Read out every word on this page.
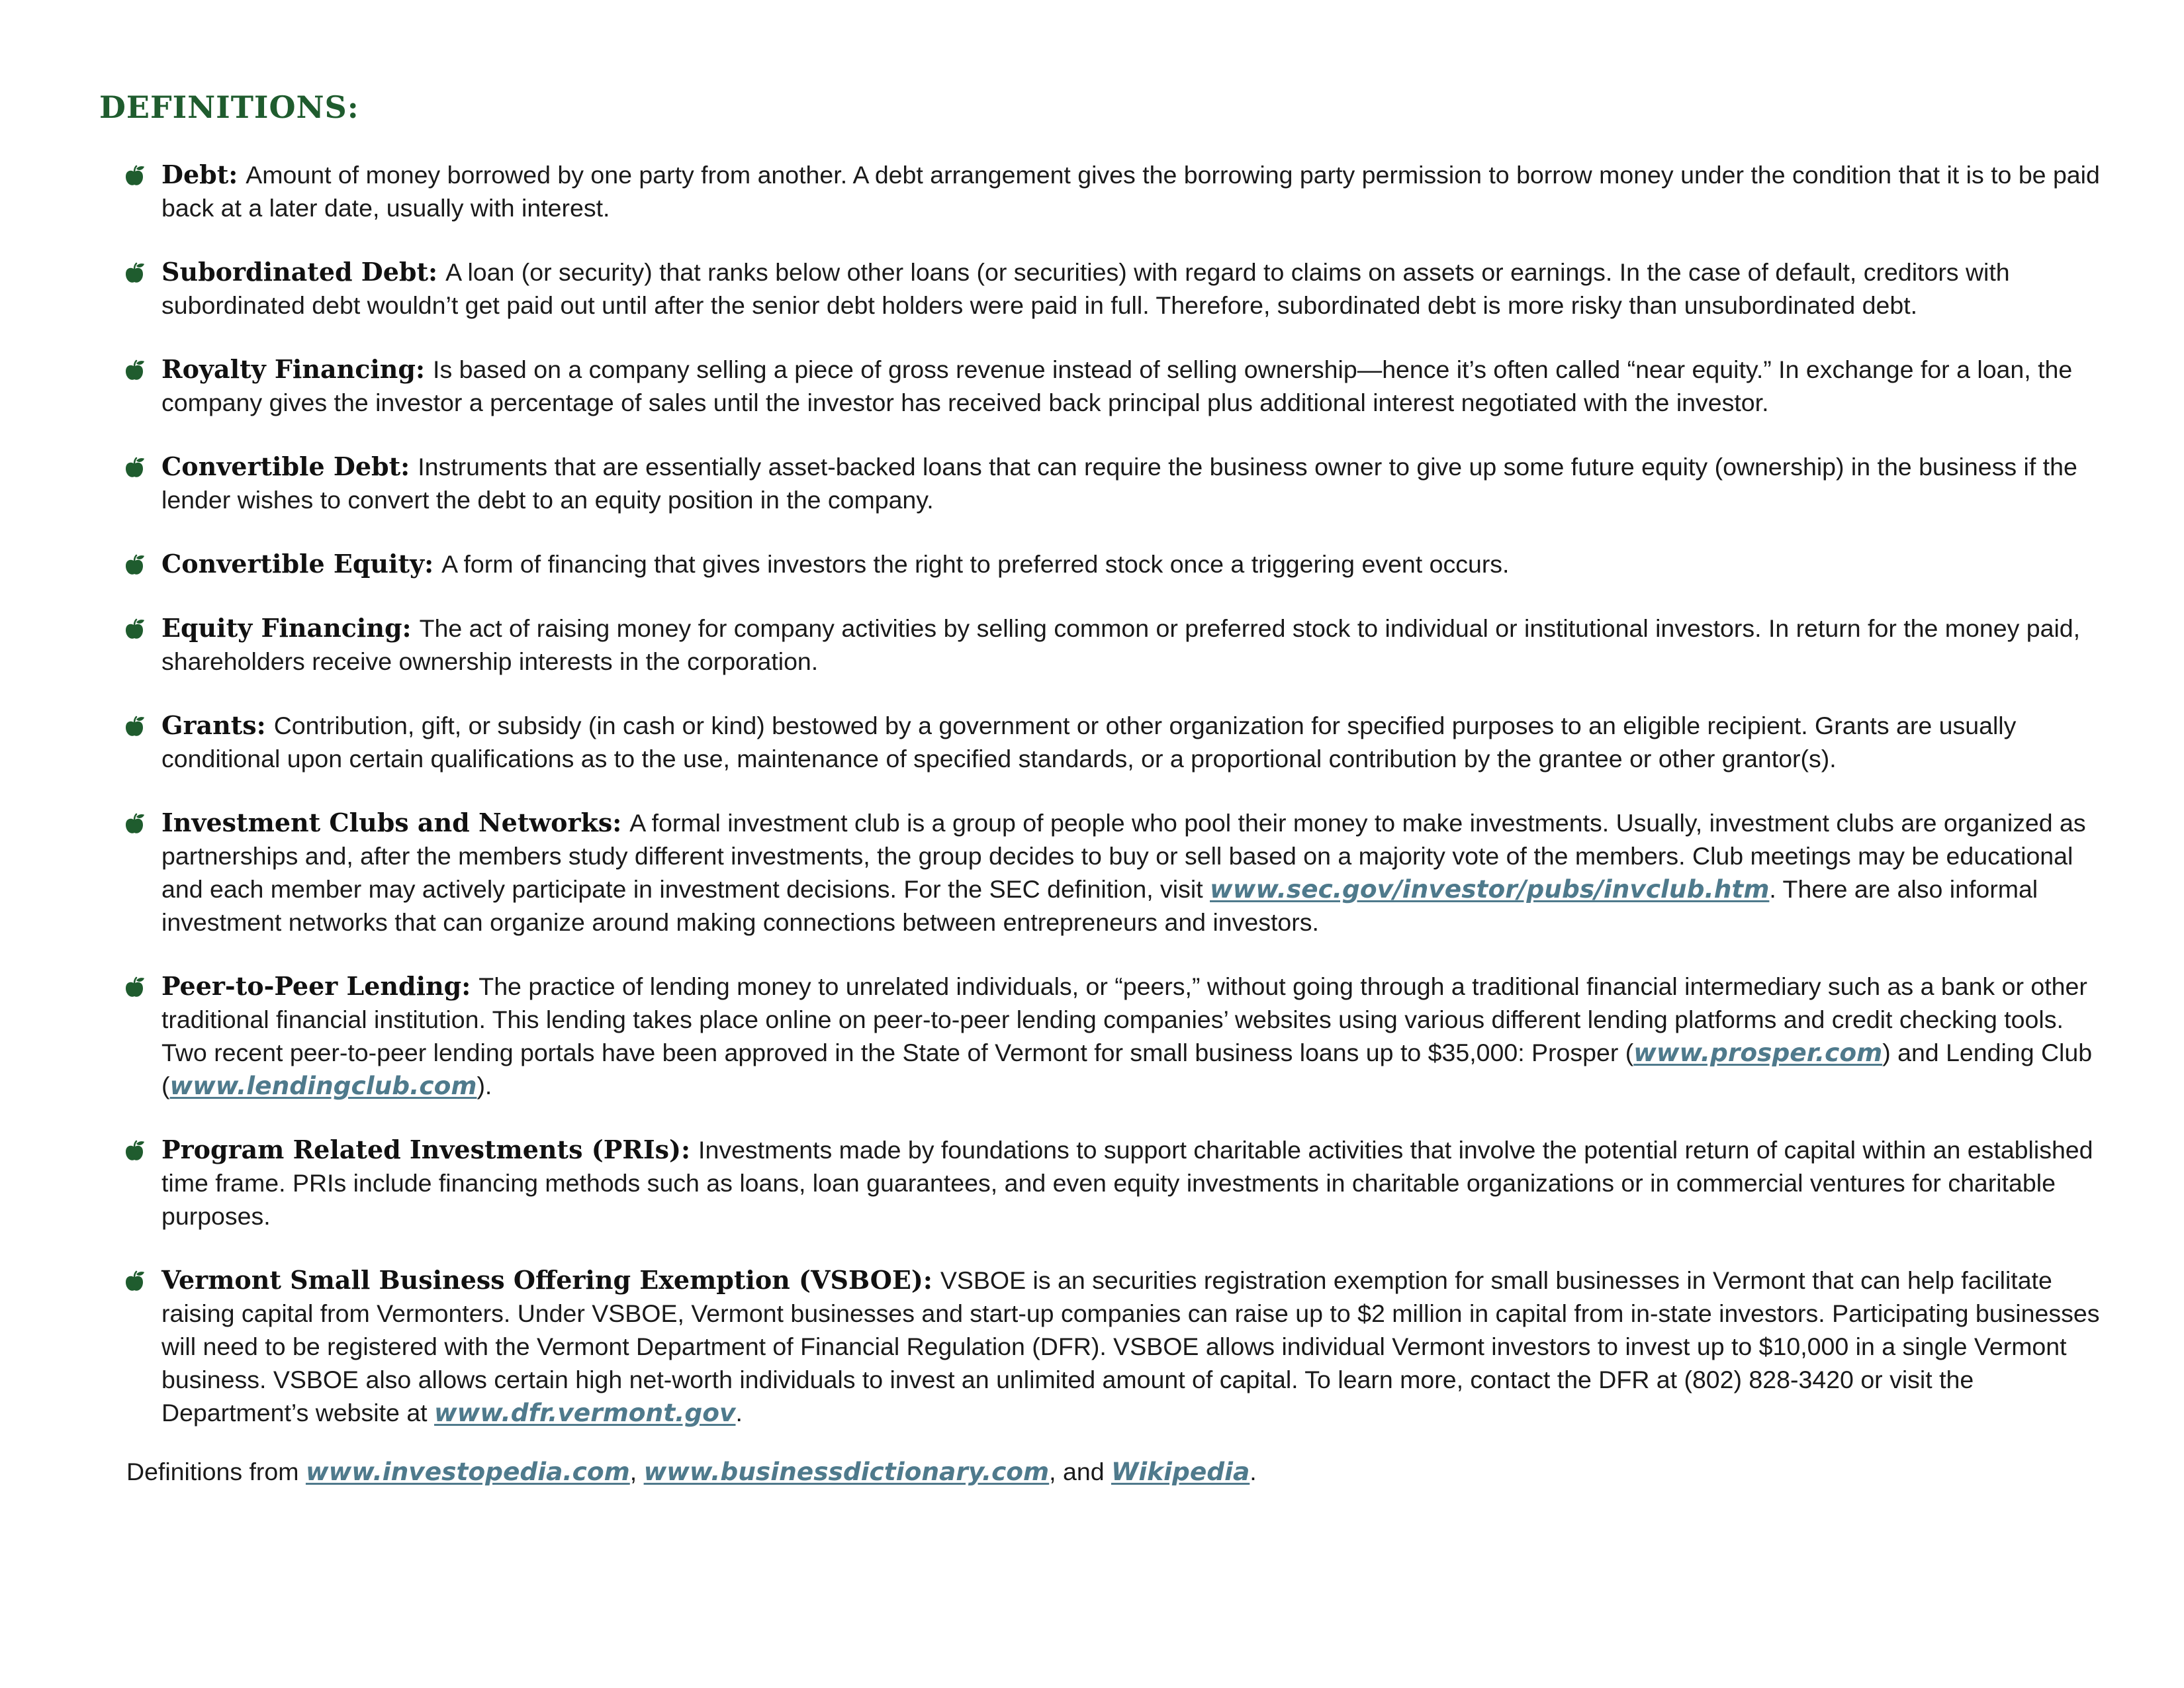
DEFINITIONS:
Debt: Amount of money borrowed by one party from another. A debt arrangement gives the borrowing party permission to borrow money under the condition that it is to be paid back at a later date, usually with interest.
Subordinated Debt: A loan (or security) that ranks below other loans (or securities) with regard to claims on assets or earnings. In the case of default, creditors with subordinated debt wouldn’t get paid out until after the senior debt holders were paid in full. Therefore, subordinated debt is more risky than unsubordinated debt.
Royalty Financing: Is based on a company selling a piece of gross revenue instead of selling ownership—hence it’s often called “near equity.” In exchange for a loan, the company gives the investor a percentage of sales until the investor has received back principal plus additional interest negotiated with the investor.
Convertible Debt: Instruments that are essentially asset-backed loans that can require the business owner to give up some future equity (ownership) in the business if the lender wishes to convert the debt to an equity position in the company.
Convertible Equity: A form of financing that gives investors the right to preferred stock once a triggering event occurs.
Equity Financing: The act of raising money for company activities by selling common or preferred stock to individual or institutional investors. In return for the money paid, shareholders receive ownership interests in the corporation.
Grants: Contribution, gift, or subsidy (in cash or kind) bestowed by a government or other organization for specified purposes to an eligible recipient. Grants are usually conditional upon certain qualifications as to the use, maintenance of specified standards, or a proportional contribution by the grantee or other grantor(s).
Investment Clubs and Networks: A formal investment club is a group of people who pool their money to make investments. Usually, investment clubs are organized as partnerships and, after the members study different investments, the group decides to buy or sell based on a majority vote of the members. Club meetings may be educational and each member may actively participate in investment decisions. For the SEC definition, visit www.sec.gov/investor/pubs/invclub.htm. There are also informal investment networks that can organize around making connections between entrepreneurs and investors.
Peer-to-Peer Lending: The practice of lending money to unrelated individuals, or “peers,” without going through a traditional financial intermediary such as a bank or other traditional financial institution. This lending takes place online on peer-to-peer lending companies’ websites using various different lending platforms and credit checking tools. Two recent peer-to-peer lending portals have been approved in the State of Vermont for small business loans up to $35,000: Prosper (www.prosper.com) and Lending Club (www.lendingclub.com).
Program Related Investments (PRIs): Investments made by foundations to support charitable activities that involve the potential return of capital within an established time frame. PRIs include financing methods such as loans, loan guarantees, and even equity investments in charitable organizations or in commercial ventures for charitable purposes.
Vermont Small Business Offering Exemption (VSBOE): VSBOE is an securities registration exemption for small businesses in Vermont that can help facilitate raising capital from Vermonters. Under VSBOE, Vermont businesses and start-up companies can raise up to $2 million in capital from in-state investors. Participating businesses will need to be registered with the Vermont Department of Financial Regulation (DFR). VSBOE allows individual Vermont investors to invest up to $10,000 in a single Vermont business. VSBOE also allows certain high net-worth individuals to invest an unlimited amount of capital. To learn more, contact the DFR at (802) 828-3420 or visit the Department’s website at www.dfr.vermont.gov.

Definitions from www.investopedia.com, www.businessdictionary.com, and Wikipedia.
